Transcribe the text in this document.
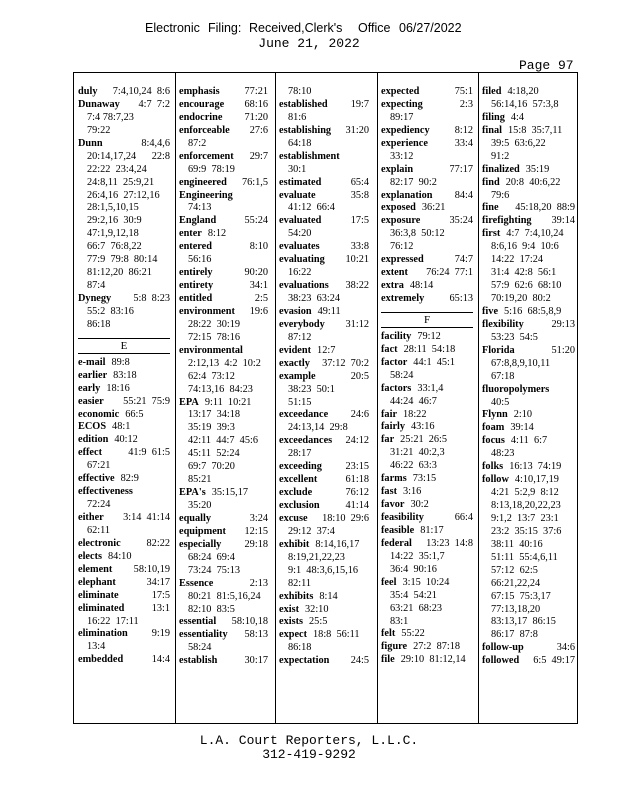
Electronic Filing: Received,Clerk's Office 06/27/2022
June 21, 2022
Page 97
duly 7:4,10,24  8:6
Dunaway 4:7  7:2
7:4 78:7,23
79:22
Dunn	8:4,4,6
20:14,17,24 22:8
22:22  23:4,24
24:8,11  25:9,21
26:4,16  27:12,16
28:1,5,10,15
29:2,16  30:9
47:1,9,12,18
66:7  76:8,22
77:9  79:8  80:14
81:12,20  86:21
87:4
Dynegy 5:8  8:23
55:2  83:16
86:18
E
e-mail 89:8
earlier 83:18
early 18:16
easier 55:21  75:9
economic 66:5
ECOS 48:1
edition 40:12
effect	41:9  61:5
67:21
effective 82:9
effectiveness
72:24
either 3:14  41:14
62:11
electronic	82:22
elects 84:10
element 58:10,19
elephant	34:17
eliminate	17:5
eliminated	13:1
16:22  17:11
elimination 9:19
13:4
embedded	14:4
emphasis 77:21
encourage 68:16
endocrine 71:20
enforceable 27:6
87:2
enforcement 29:7
69:9  78:19
engineered 76:1,5
Engineering
74:13
England	55:24
enter 8:12
entered	8:10
56:16
entirely	90:20
entirety	34:1
entitled	2:5
environment 19:6
28:22  30:19
72:15  78:16
environmental
2:12,13  4:2  10:2
62:4  73:12
74:13,16  84:23
EPA 9:11  10:21
13:17  34:18
35:19  39:3
42:11  44:7  45:6
45:11  52:24
69:7  70:20
85:21
EPA's 35:15,17
35:20
equally	3:24
equipment 12:15
especially 29:18
68:24  69:4
73:24  75:13
Essence	2:13
80:21  81:5,16,24
82:10  83:5
essential 58:10,18
essentiality 58:13
58:24
establish	30:17
78:10
established 19:7
81:6
establishing 31:20
64:18
establishment
30:1
estimated	65:4
evaluate	35:8
41:12  66:4
evaluated	17:5
54:20
evaluates	33:8
evaluating 10:21
16:22
evaluations 38:22
38:23  63:24
evasion 49:11
everybody 31:12
87:12
evident 12:7
exactly 37:12  70:2
example	20:5
38:23  50:1
51:15
exceedance 24:6
24:13,14  29:8
exceedances 24:12
28:17
exceeding 23:15
excellent	61:18
exclude	76:12
exclusion	41:14
excuse 18:10  29:6
29:12  37:4
exhibit 8:14,16,17
8:19,21,22,23
9:1  48:3,6,15,16
82:11
exhibits 8:14
exist 32:10
exists 25:5
expect 18:8  56:11
86:18
expectation 24:5
expected	75:1
expecting	2:3
89:17
expediency 8:12
experience	33:4
33:12
explain	77:17
82:17  90:2
explanation 84:4
exposed 36:21
exposure	35:24
36:3,8  50:12
76:12
expressed	74:7
extent 76:24  77:1
extra 48:14
extremely 65:13
F
facility 79:12
fact 28:11  54:18
factor 44:1  45:1
58:24
factors 33:1,4
44:24  46:7
fair 18:22
fairly 43:16
far 25:21  26:5
31:21  40:2,3
46:22  63:3
farms 73:15
fast 3:16
favor 30:2
feasibility	66:4
feasible 81:17
federal 13:23  14:8
14:22  35:1,7
36:4  90:16
feel 3:15  10:24
35:4  54:21
63:21  68:23
83:1
felt 55:22
figure 27:2  87:18
file 29:10  81:12,14
filed 4:18,20
56:14,16  57:3,8
filing 4:4
final 15:8  35:7,11
39:5  63:6,22
91:2
finalized 35:19
find 20:8  40:6,22
79:6
fine 45:18,20  88:9
firefighting 39:14
first 4:7  7:4,10,24
8:6,16  9:4  10:6
14:22  17:24
31:4  42:8  56:1
57:9  62:6  68:10
70:19,20  80:2
five 5:16  68:5,8,9
flexibility	29:13
53:23  54:5
Florida	51:20
67:8,8,9,10,11
67:18
fluoropolymers
40:5
Flynn 2:10
foam 39:14
focus 4:11  6:7
48:23
folks 16:13  74:19
follow 4:10,17,19
4:21  5:2,9  8:12
8:13,18,20,22,23
9:1,2  13:7  23:1
23:2  35:15  37:6
38:11  40:16
51:11  55:4,6,11
57:12  62:5
66:21,22,24
67:15  75:3,17
77:13,18,20
83:13,17  86:15
86:17  87:8
follow-up	34:6
followed 6:5  49:17
L.A. Court Reporters, L.L.C.
312-419-9292
